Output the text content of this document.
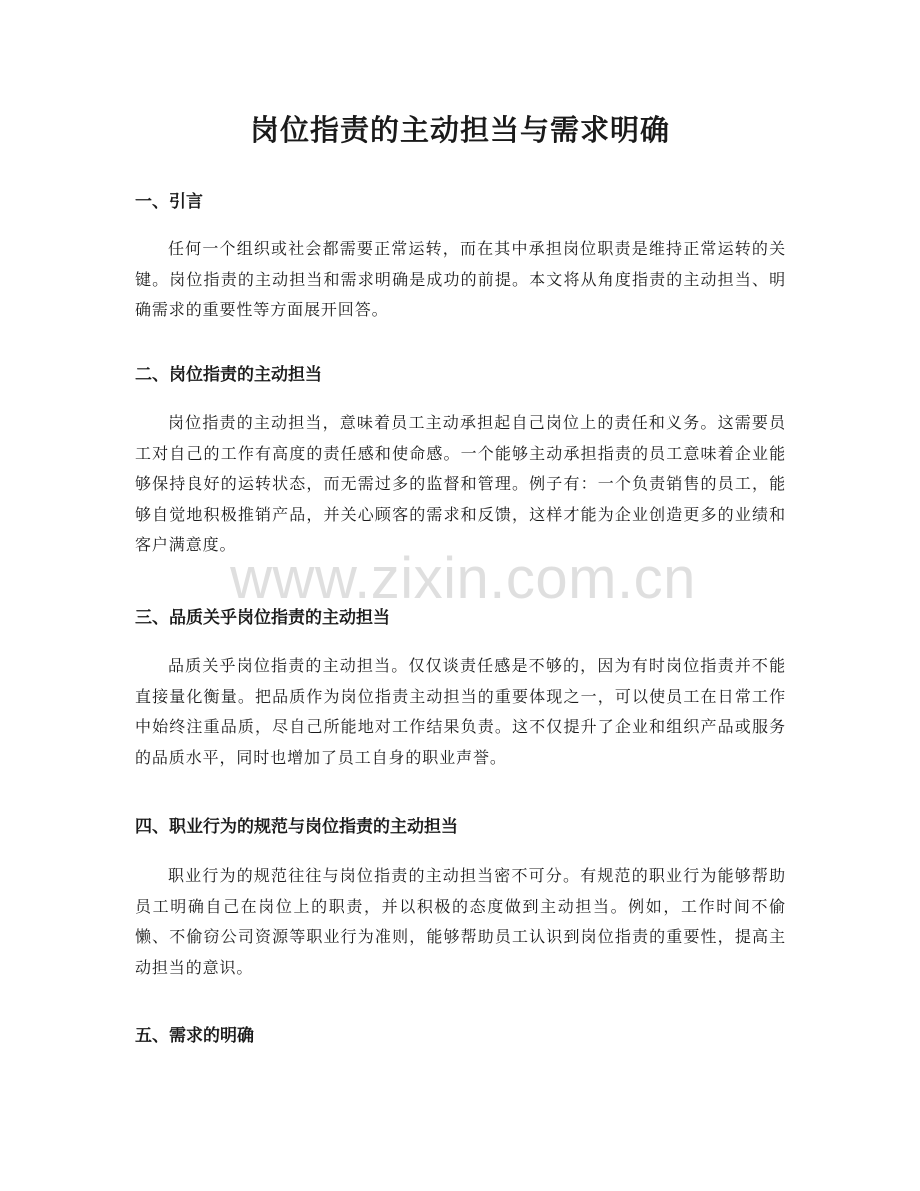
岗位指责的主动担当与需求明确
一、引言

任何一个组织或社会都需要正常运转，而在其中承担岗位职责是维持正常运转的关键。岗位指责的主动担当和需求明确是成功的前提。本文将从角度指责的主动担当、明确需求的重要性等方面展开回答。

二、岗位指责的主动担当

岗位指责的主动担当，意味着员工主动承担起自己岗位上的责任和义务。这需要员工对自己的工作有高度的责任感和使命感。一个能够主动承担指责的员工意味着企业能够保持良好的运转状态，而无需过多的监督和管理。例子有：一个负责销售的员工，能够自觉地积极推销产品，并关心顾客的需求和反馈，这样才能为企业创造更多的业绩和客户满意度。

三、品质关乎岗位指责的主动担当

品质关乎岗位指责的主动担当。仅仅谈责任感是不够的，因为有时岗位指责并不能直接量化衡量。把品质作为岗位指责主动担当的重要体现之一，可以使员工在日常工作中始终注重品质，尽自己所能地对工作结果负责。这不仅提升了企业和组织产品或服务的品质水平，同时也增加了员工自身的职业声誉。

四、职业行为的规范与岗位指责的主动担当

职业行为的规范往往与岗位指责的主动担当密不可分。有规范的职业行为能够帮助员工明确自己在岗位上的职责，并以积极的态度做到主动担当。例如，工作时间不偷懒、不偷窃公司资源等职业行为准则，能够帮助员工认识到岗位指责的重要性，提高主动担当的意识。

五、需求的明确
www.zixin.com.cn
